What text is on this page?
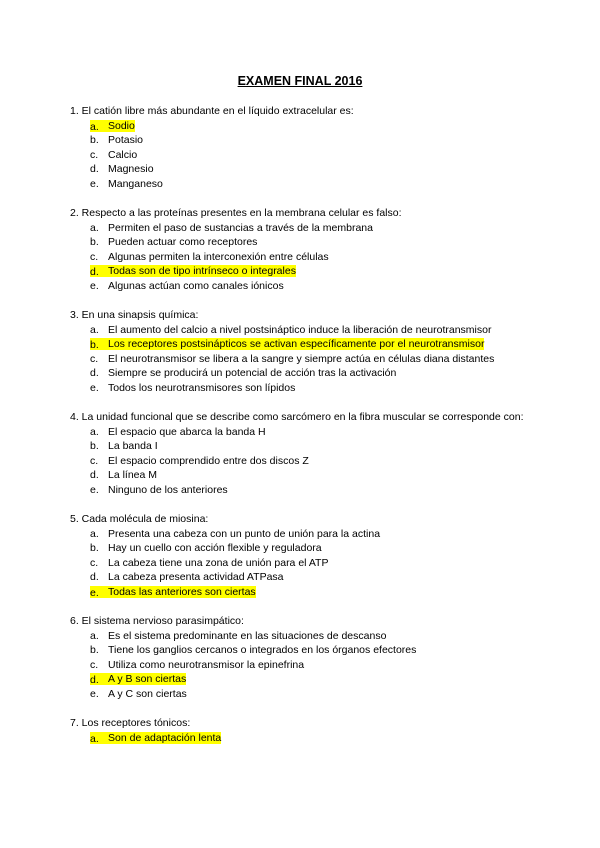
EXAMEN FINAL 2016

1. El catión libre más abundante en el líquido extracelular es:

a. Sodio
b. Potasio
c. Calcio
d. Magnesio
e. Manganeso

2. Respecto a las proteínas presentes en la membrana celular es falso:

a. Permiten el paso de sustancias a través de la membrana
b. Pueden actuar como receptores
c. Algunas permiten la interconexión entre células
d. Todas son de tipo intrínseco o integrales
e. Algunas actúan como canales iónicos

3. En una sinapsis química:

a. El aumento del calcio a nivel postsináptico induce la liberación de neurotransmisor
b. Los receptores postsinápticos se activan específicamente por el neurotransmisor
c. El neurotransmisor se libera a la sangre y siempre actúa en células diana distantes
d. Siempre se producirá un potencial de acción tras la activación
e. Todos los neurotransmisores son lípidos

4. La unidad funcional que se describe como sarcómero en la fibra muscular se corresponde con:

a. El espacio que abarca la banda H
b. La banda I
c. El espacio comprendido entre dos discos Z
d. La línea M
e. Ninguno de los anteriores

5. Cada molécula de miosina:

a. Presenta una cabeza con un punto de unión para la actina
b. Hay un cuello con acción flexible y reguladora
c. La cabeza tiene una zona de unión para el ATP
d. La cabeza presenta actividad ATPasa
e. Todas las anteriores son ciertas

6. El sistema nervioso parasimpático:

a. Es el sistema predominante en las situaciones de descanso
b. Tiene los ganglios cercanos o integrados en los órganos efectores
c. Utiliza como neurotransmisor la epinefrina
d. A y B son ciertas
e. A y C son ciertas

7. Los receptores tónicos:

a. Son de adaptación lenta
